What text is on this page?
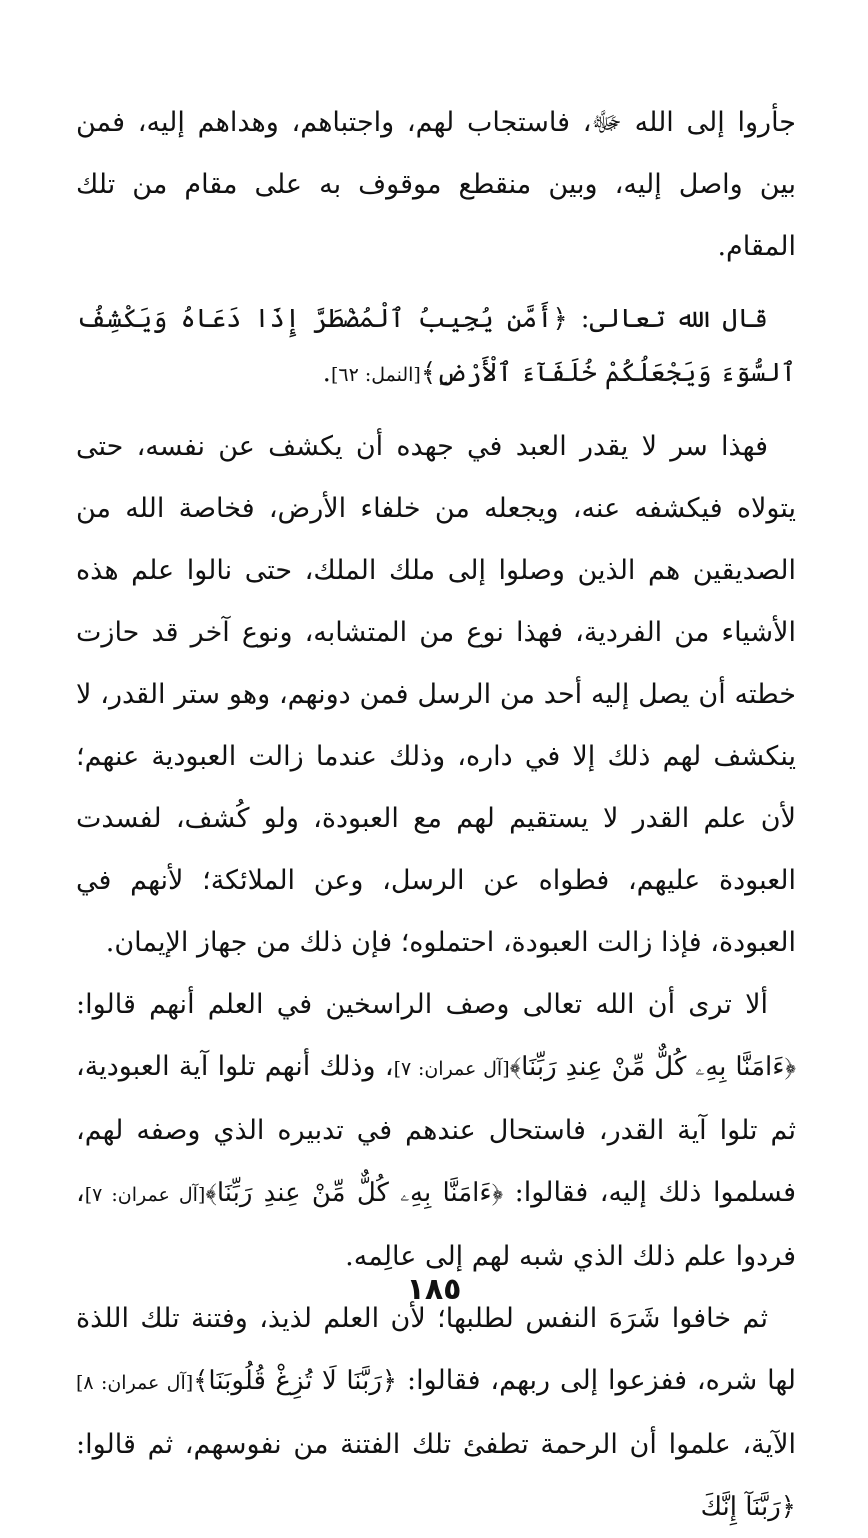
جأروا إلى الله ﷻ، فاستجاب لهم، واجتباهم، وهداهم إليه، فمن بين واصل إليه، وبين منقطع موقوف به على مقام من تلك المقام.

قال الله تعالى: ﴿أَمَّن يُجِيبُ ٱلْمُضْطَرَّ إِذَا دَعَاهُ وَيَكْشِفُ ٱلسُّوٓءَ وَيَجْعَلُكُمْ خُلَفَآءَ ٱلْأَرْضِ﴾[النمل: ٦٢].

فهذا سر لا يقدر العبد في جهده أن يكشف عن نفسه، حتى يتولاه فيكشفه عنه، ويجعله من خلفاء الأرض، فخاصة الله من الصديقين هم الذين وصلوا إلى ملك الملك، حتى نالوا علم هذه الأشياء من الفردية، فهذا نوع من المتشابه، ونوع آخر قد حازت خطته أن يصل إليه أحد من الرسل فمن دونهم، وهو ستر القدر، لا ينكشف لهم ذلك إلا في داره، وذلك عندما زالت العبودية عنهم؛ لأن علم القدر لا يستقيم لهم مع العبودة، ولو كُشف، لفسدت العبودة عليهم، فطواه عن الرسل، وعن الملائكة؛ لأنهم في العبودة، فإذا زالت العبودة، احتملوه؛ فإن ذلك من جهاز الإيمان.

ألا ترى أن الله تعالى وصف الراسخين في العلم أنهم قالوا: ﴿ءَامَنَّا بِهِۦ كُلٌّ مِّنْ عِندِ رَبِّنَا﴾[آل عمران: ٧]، وذلك أنهم تلوا آية العبودية، ثم تلوا آية القدر، فاستحال عندهم في تدبيره الذي وصفه لهم، فسلموا ذلك إليه، فقالوا: ﴿ءَامَنَّا بِهِۦ كُلٌّ مِّنْ عِندِ رَبِّنَا﴾[آل عمران: ٧]، فردوا علم ذلك الذي شبه لهم إلى عالِمه.

ثم خافوا شَرَهَ النفس لطلبها؛ لأن العلم لذيذ، وفتنة تلك اللذة لها شره، ففزعوا إلى ربهم، فقالوا: ﴿رَبَّنَا لَا تُزِغْ قُلُوبَنَا﴾[آل عمران: ٨] الآية، علموا أن الرحمة تطفئ تلك الفتنة من نفوسهم، ثم قالوا: ﴿رَبَّنَآ إِنَّكَ

١٨٥
